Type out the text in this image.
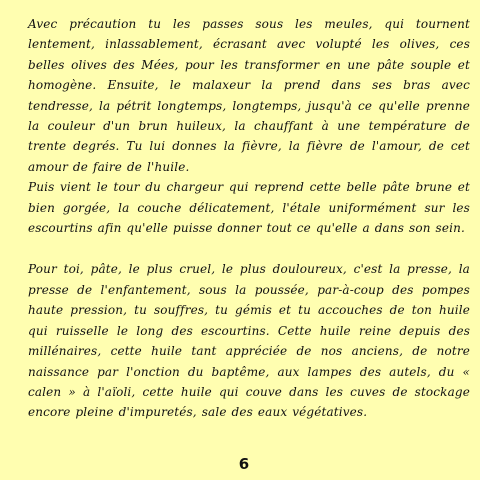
Avec précaution tu les passes sous les meules, qui tournent lentement, inlassablement, écrasant avec volupté les olives, ces belles olives des Mées, pour les transformer en une pâte souple et homogène. Ensuite, le malaxeur la prend dans ses bras avec tendresse, la pétrit longtemps, longtemps, jusqu'à ce qu'elle prenne la couleur d'un brun huileux, la chauffant à une température de trente degrés. Tu lui donnes la fièvre, la fièvre de l'amour, de cet amour de faire de l'huile.

Puis vient le tour du chargeur qui reprend cette belle pâte brune et bien gorgée, la couche délicatement, l'étale uniformément sur les escourtins afin qu'elle puisse donner tout ce qu'elle a dans son sein.

Pour toi, pâte, le plus cruel, le plus douloureux, c'est la presse, la presse de l'enfantement, sous la poussée, par-à-coup des pompes haute pression, tu souffres, tu gémis et tu accouches de ton huile qui ruisselle le long des escourtins. Cette huile reine depuis des millénaires, cette huile tant appréciée de nos anciens, de notre naissance par l'onction du baptême, aux lampes des autels, du « calen » à l'aïoli, cette huile qui couve dans les cuves de stockage encore pleine d'impuretés, sale des eaux végétatives.

6
